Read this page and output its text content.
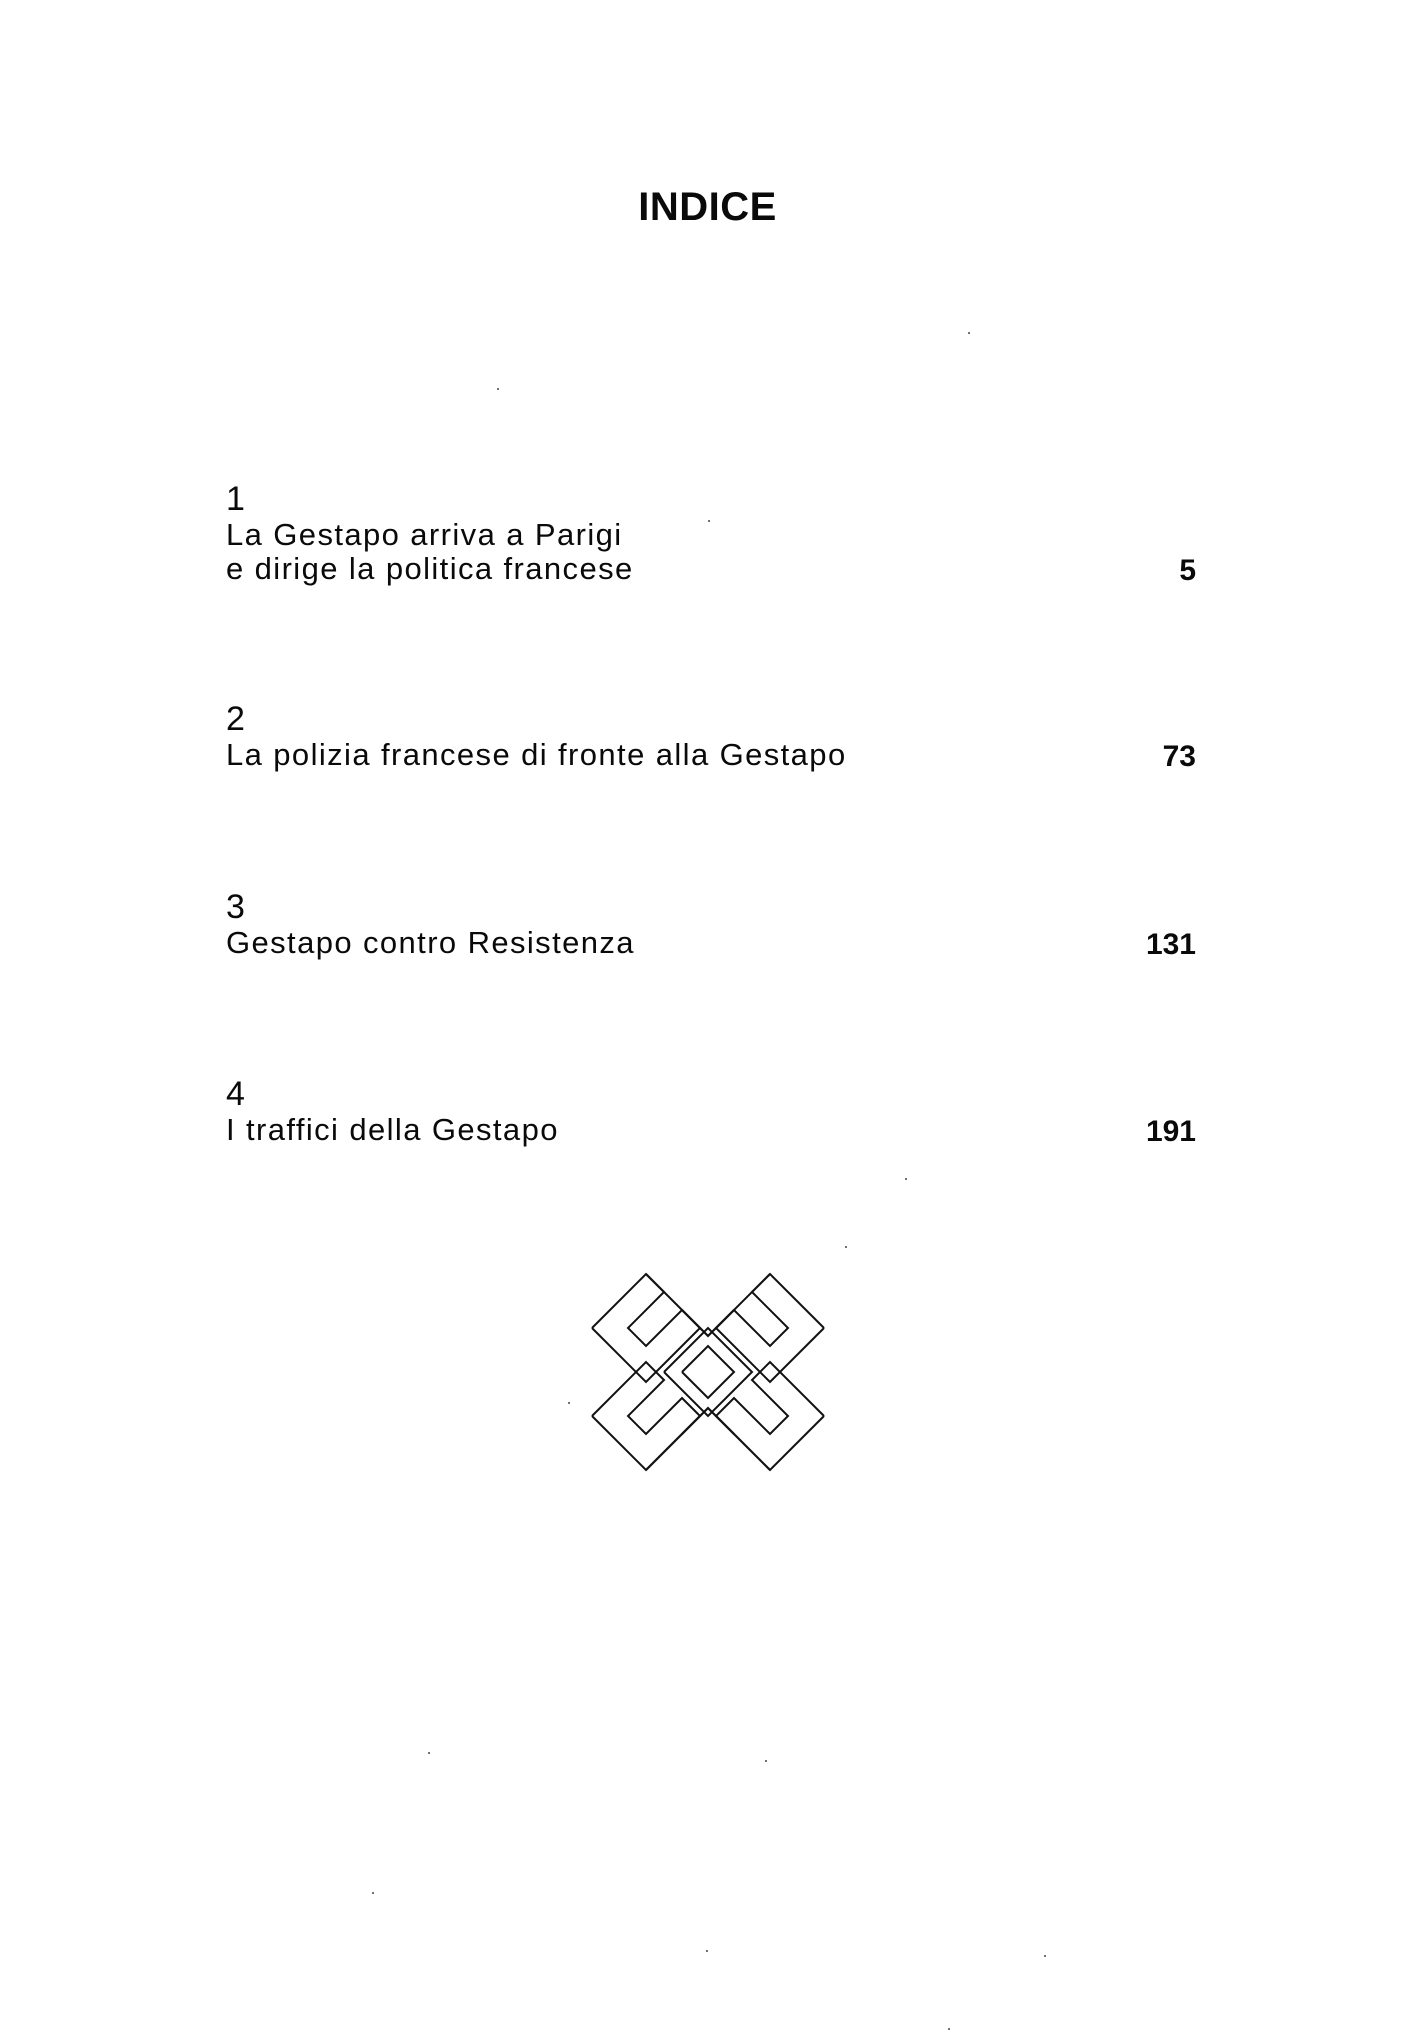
INDICE
1
La Gestapo arriva a Parigi
e dirige la politica francese	5
2
La polizia francese di fronte alla Gestapo	73
3
Gestapo contro Resistenza	131
4
I traffici della Gestapo	191
